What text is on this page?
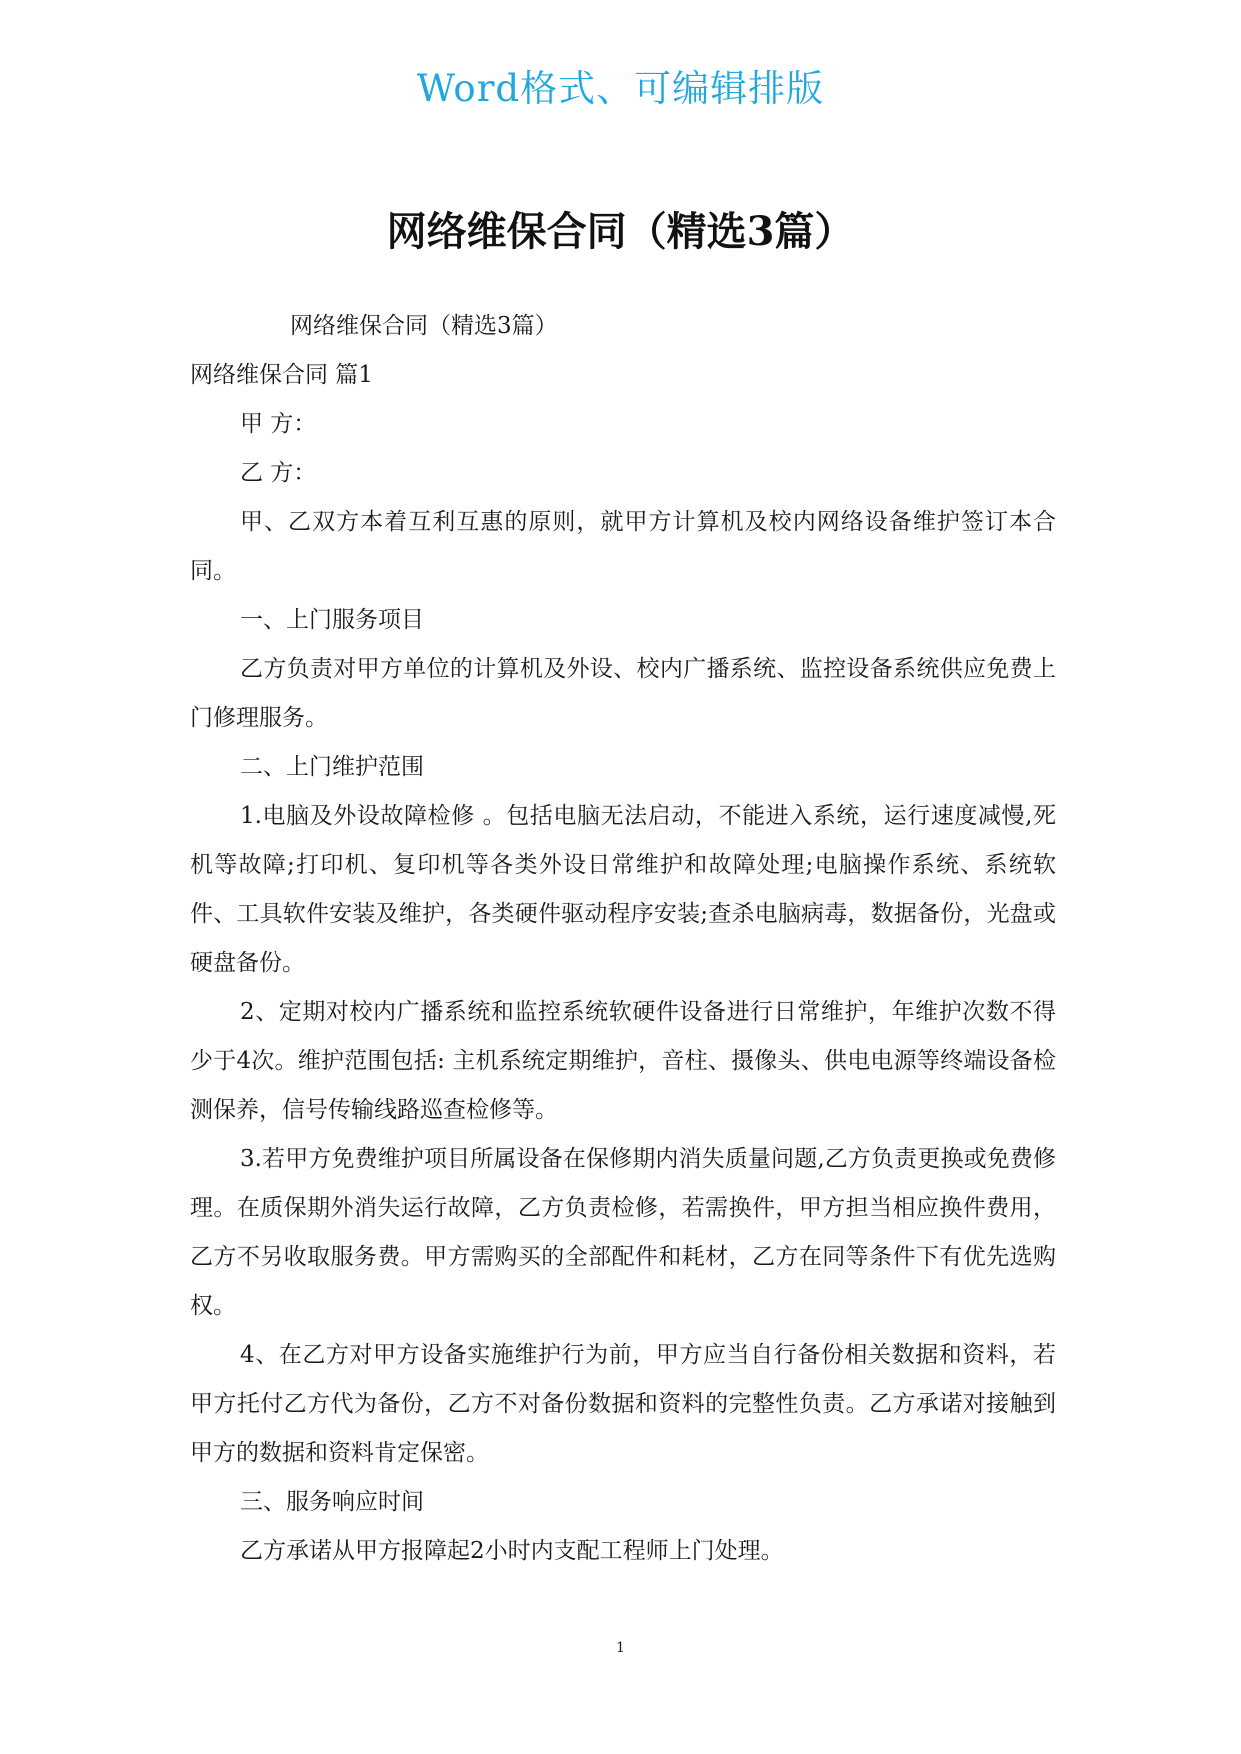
Word格式、可编辑排版
网络维保合同（精选3篇）

网络维保合同（精选3篇）

网络维保合同 篇1

甲 方：

乙 方：

甲、乙双方本着互利互惠的原则，就甲方计算机及校内网络设备维护签订本合同。

一、上门服务项目

乙方负责对甲方单位的计算机及外设、校内广播系统、监控设备系统供应免费上门修理服务。

二、上门维护范围

1.电脑及外设故障检修 。包括电脑无法启动，不能进入系统，运行速度减慢,死机等故障;打印机、复印机等各类外设日常维护和故障处理;电脑操作系统、系统软件、工具软件安装及维护，各类硬件驱动程序安装;查杀电脑病毒，数据备份，光盘或硬盘备份。

2、定期对校内广播系统和监控系统软硬件设备进行日常维护，年维护次数不得少于4次。维护范围包括: 主机系统定期维护，音柱、摄像头、供电电源等终端设备检测保养，信号传输线路巡查检修等。

3.若甲方免费维护项目所属设备在保修期内消失质量问题,乙方负责更换或免费修理。在质保期外消失运行故障，乙方负责检修，若需换件，甲方担当相应换件费用，乙方不另收取服务费。甲方需购买的全部配件和耗材，乙方在同等条件下有优先选购权。

4、在乙方对甲方设备实施维护行为前，甲方应当自行备份相关数据和资料，若甲方托付乙方代为备份，乙方不对备份数据和资料的完整性负责。乙方承诺对接触到甲方的数据和资料肯定保密。

三、服务响应时间

乙方承诺从甲方报障起2小时内支配工程师上门处理。

1
